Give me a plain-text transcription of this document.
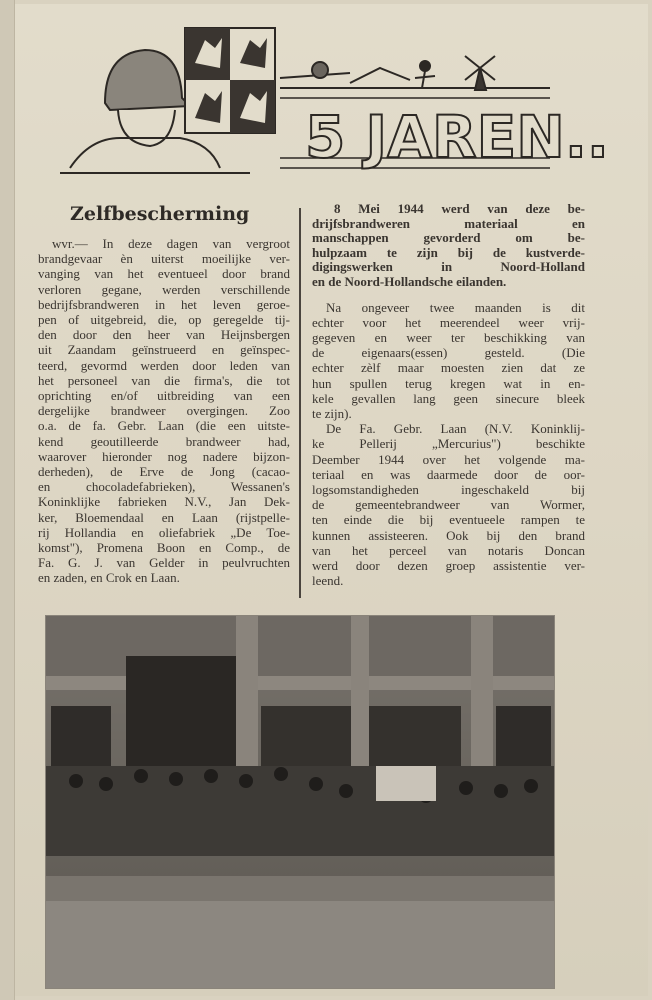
5 JAREN..
Zelfbescherming
wvr.— In deze dagen van vergroot
brandgevaar èn uiterst moeilijke ver-
vanging van het eventueel door brand
verloren gegane, werden verschillende
bedrijfsbrandweren in het leven geroe-
pen of uitgebreid, die, op geregelde tij-
den door den heer van Heijnsbergen
uit Zaandam geïnstrueerd en geïnspec-
teerd, gevormd werden door leden van
het personeel van die firma's, die tot
oprichting en/of uitbreiding van een
dergelijke brandweer overgingen. Zoo
o.a. de fa. Gebr. Laan (die een uitste-
kend geoutilleerde brandweer had,
waarover hieronder nog nadere bijzon-
derheden), de Erve de Jong (cacao-
en chocoladefabrieken), Wessanen's
Koninklijke fabrieken N.V., Jan Dek-
ker, Bloemendaal en Laan (rijstpelle-
rij Hollandia en oliefabriek „De Toe-
komst"), Promena Boon en Comp., de
Fa. G. J. van Gelder in peulvruchten
en zaden, en Crok en Laan.
8 Mei 1944 werd van deze be-
drijfsbrandweren materiaal en
manschappen gevorderd om be-
hulpzaam te zijn bij de kustverde-
digingswerken in Noord-Holland
en de Noord-Hollandsche eilanden.
Na ongeveer twee maanden is dit
echter voor het meerendeel weer vrij-
gegeven en weer ter beschikking van
de eigenaars(essen) gesteld. (Die
echter zèlf maar moesten zien dat ze
hun spullen terug kregen wat in en-
kele gevallen lang geen sinecure bleek
te zijn).
De Fa. Gebr. Laan (N.V. Koninklij-
ke Pellerij „Mercurius") beschikte
Deember 1944 over het volgende ma-
teriaal en was daarmede door de oor-
logsomstandigheden ingeschakeld bij
de gemeentebrandweer van Wormer,
ten einde die bij eventueele rampen te
kunnen assisteeren. Ook bij den brand
van het perceel van notaris Doncan
werd door dezen groep assistentie ver-
leend.
